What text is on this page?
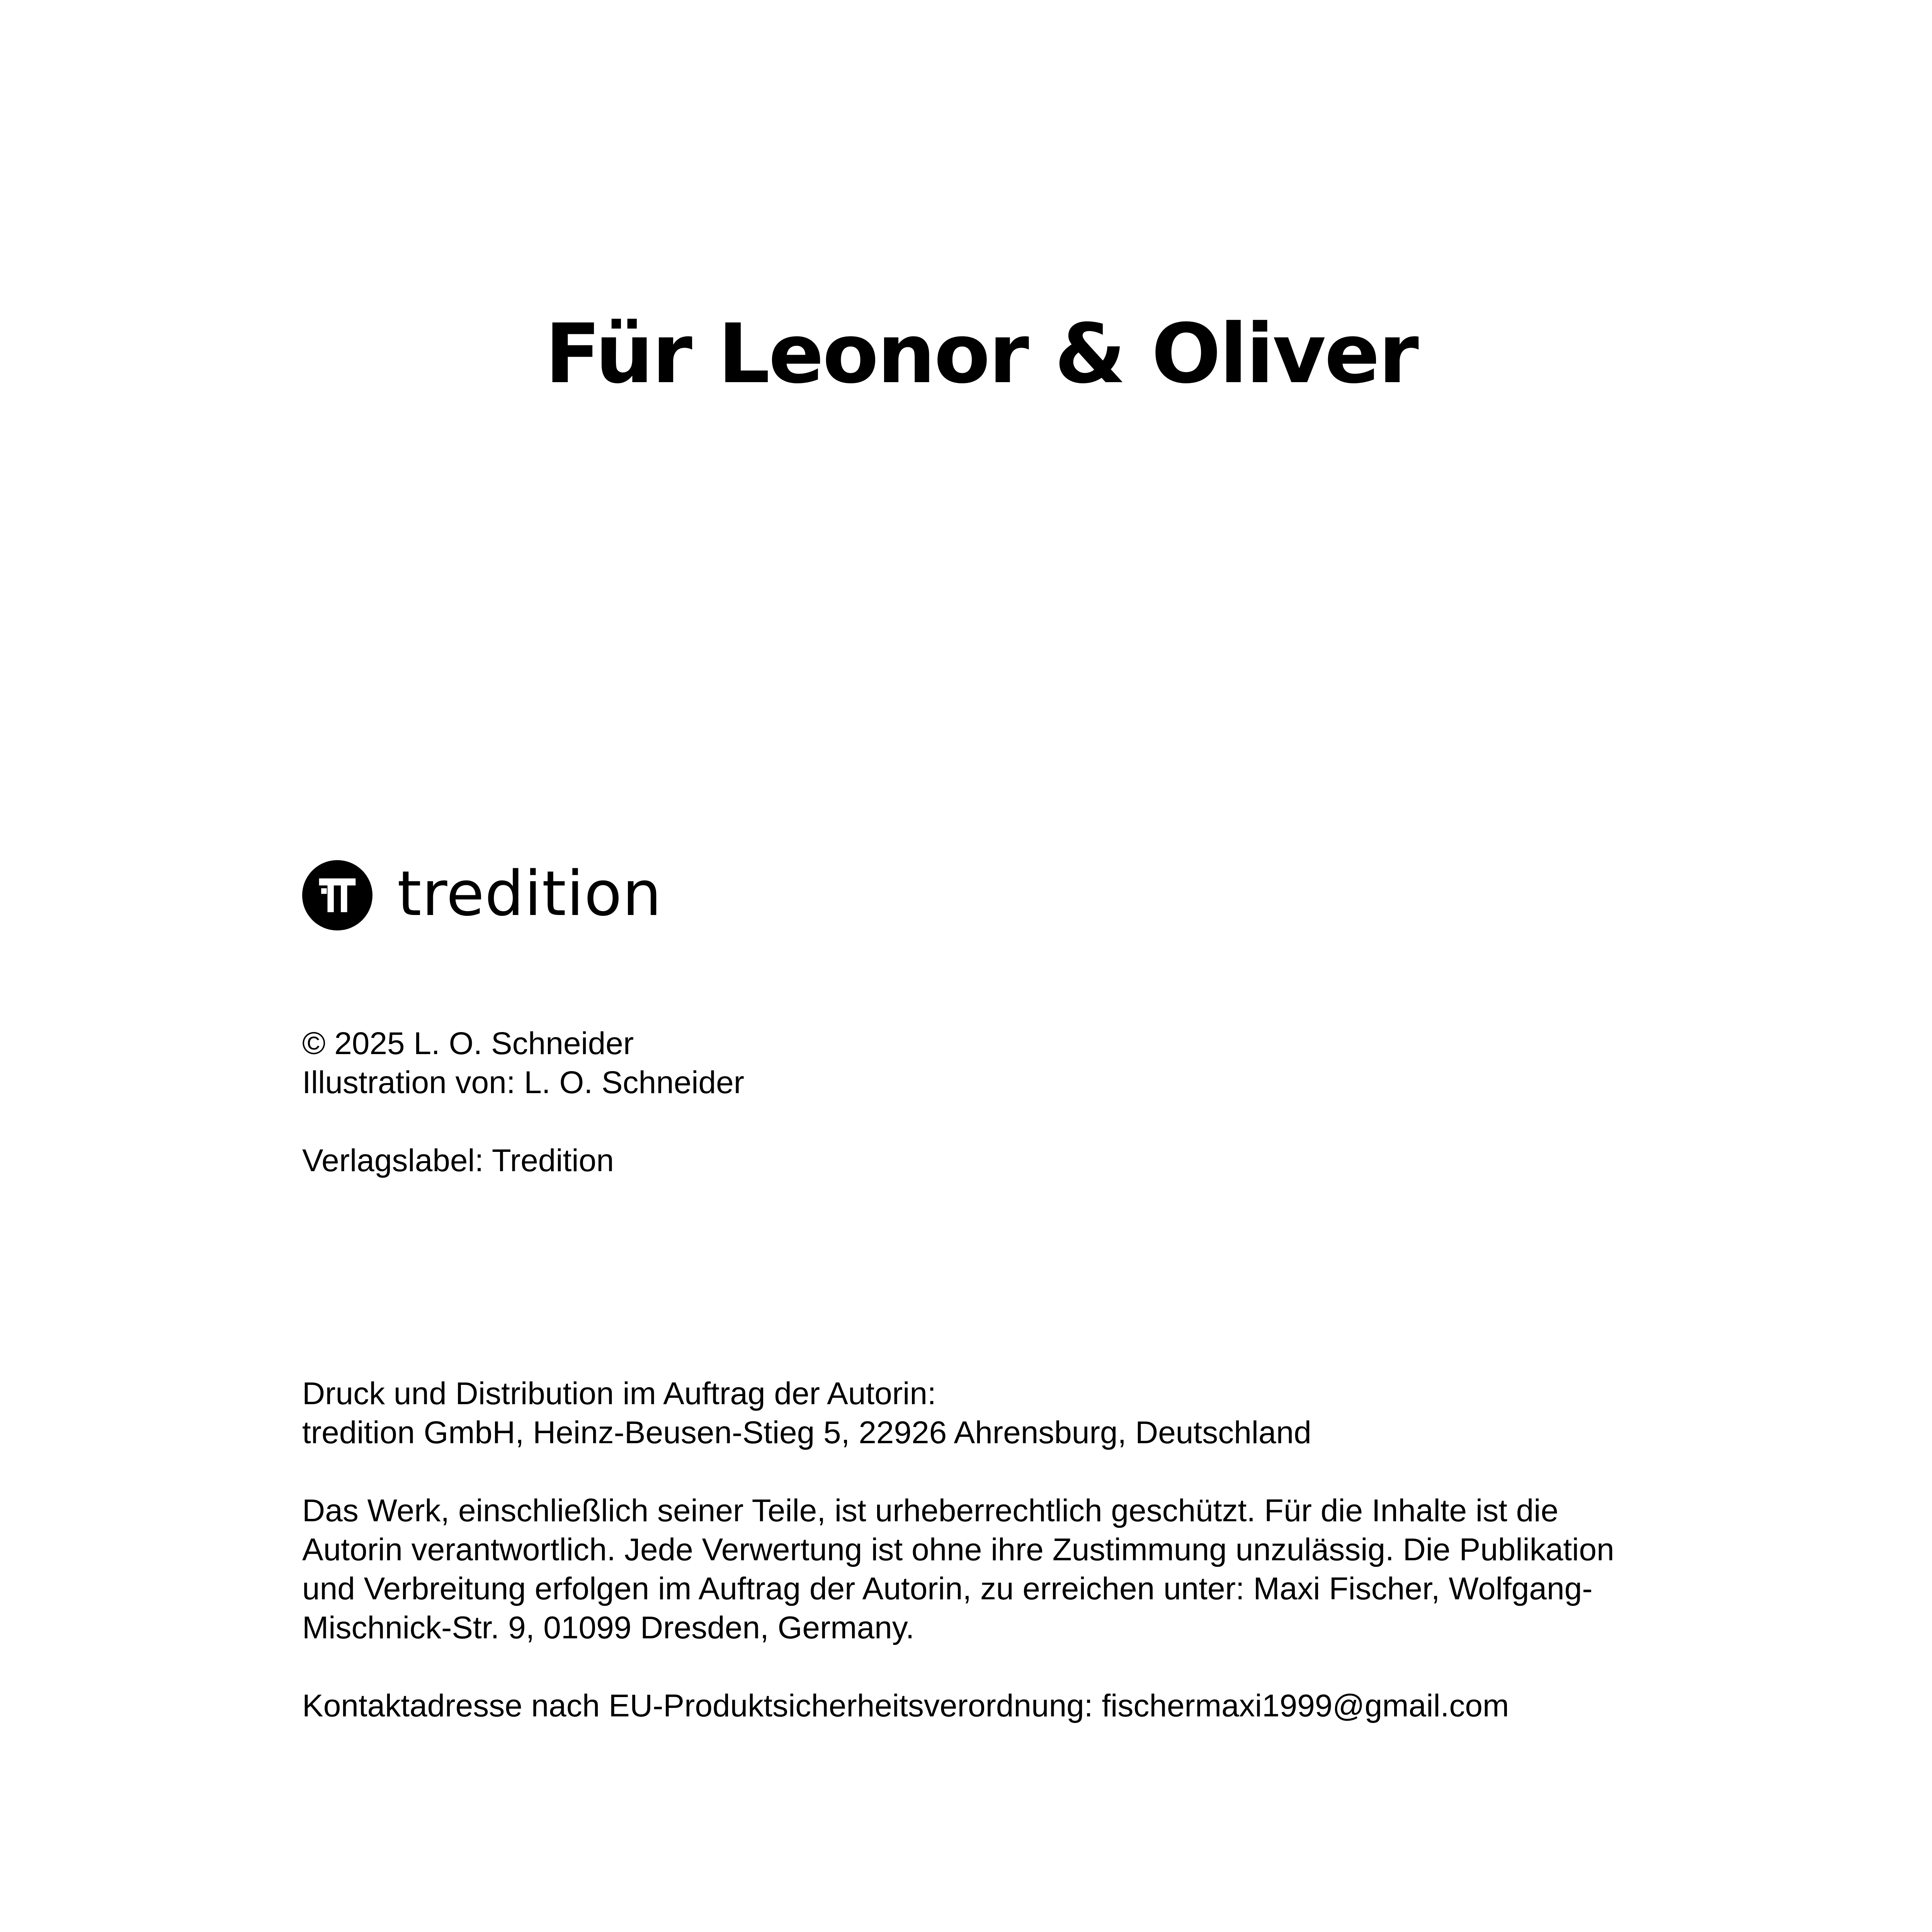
Für Leonor & Oliver
tredition

© 2025 L. O. Schneider

Illustration von: L. O. Schneider

Verlagslabel: Tredition

Druck und Distribution im Auftrag der Autorin:

tredition GmbH, Heinz-Beusen-Stieg 5, 22926 Ahrensburg, Deutschland

Das Werk, einschließlich seiner Teile, ist urheberrechtlich geschützt. Für die Inhalte ist die

Autorin verantwortlich. Jede Verwertung ist ohne ihre Zustimmung unzulässig. Die Publikation

und Verbreitung erfolgen im Auftrag der Autorin, zu erreichen unter: Maxi Fischer, Wolfgang-

Mischnick-Str. 9, 01099 Dresden, Germany.

Kontaktadresse nach EU-Produktsicherheitsverordnung: fischermaxi1999@gmail.com
